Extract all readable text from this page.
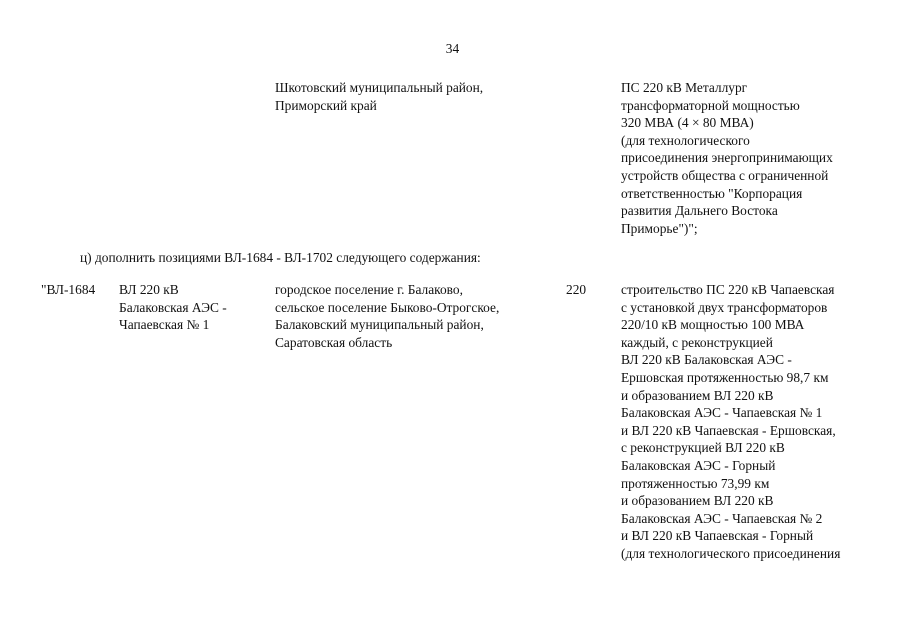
34
Шкотовский муниципальный район,
Приморский край
ПС 220 кВ Металлург
трансформаторной мощностью
320 МВА (4 × 80 МВА)
(для технологического
присоединения энергопринимающих
устройств общества с ограниченной
ответственностью "Корпорация
развития Дальнего Востока
Приморье")";
ц) дополнить позициями ВЛ-1684 - ВЛ-1702 следующего содержания:
"ВЛ-1684 ВЛ 220 кВ
Балаковская АЭС -
Чапаевская № 1
городское поселение г. Балаково,
сельское поселение Быково-Отрогское,
Балаковский муниципальный район,
Саратовская область
220	строительство ПС 220 кВ Чапаевская
с установкой двух трансформаторов
220/10 кВ мощностью 100 МВА
каждый, с реконструкцией
ВЛ 220 кВ Балаковская АЭС -
Ершовская протяженностью 98,7 км
и образованием ВЛ 220 кВ
Балаковская АЭС - Чапаевская № 1
и ВЛ 220 кВ Чапаевская - Ершовская,
с реконструкцией ВЛ 220 кВ
Балаковская АЭС - Горный
протяженностью 73,99 км
и образованием ВЛ 220 кВ
Балаковская АЭС - Чапаевская № 2
и ВЛ 220 кВ Чапаевская - Горный
(для технологического присоединения
